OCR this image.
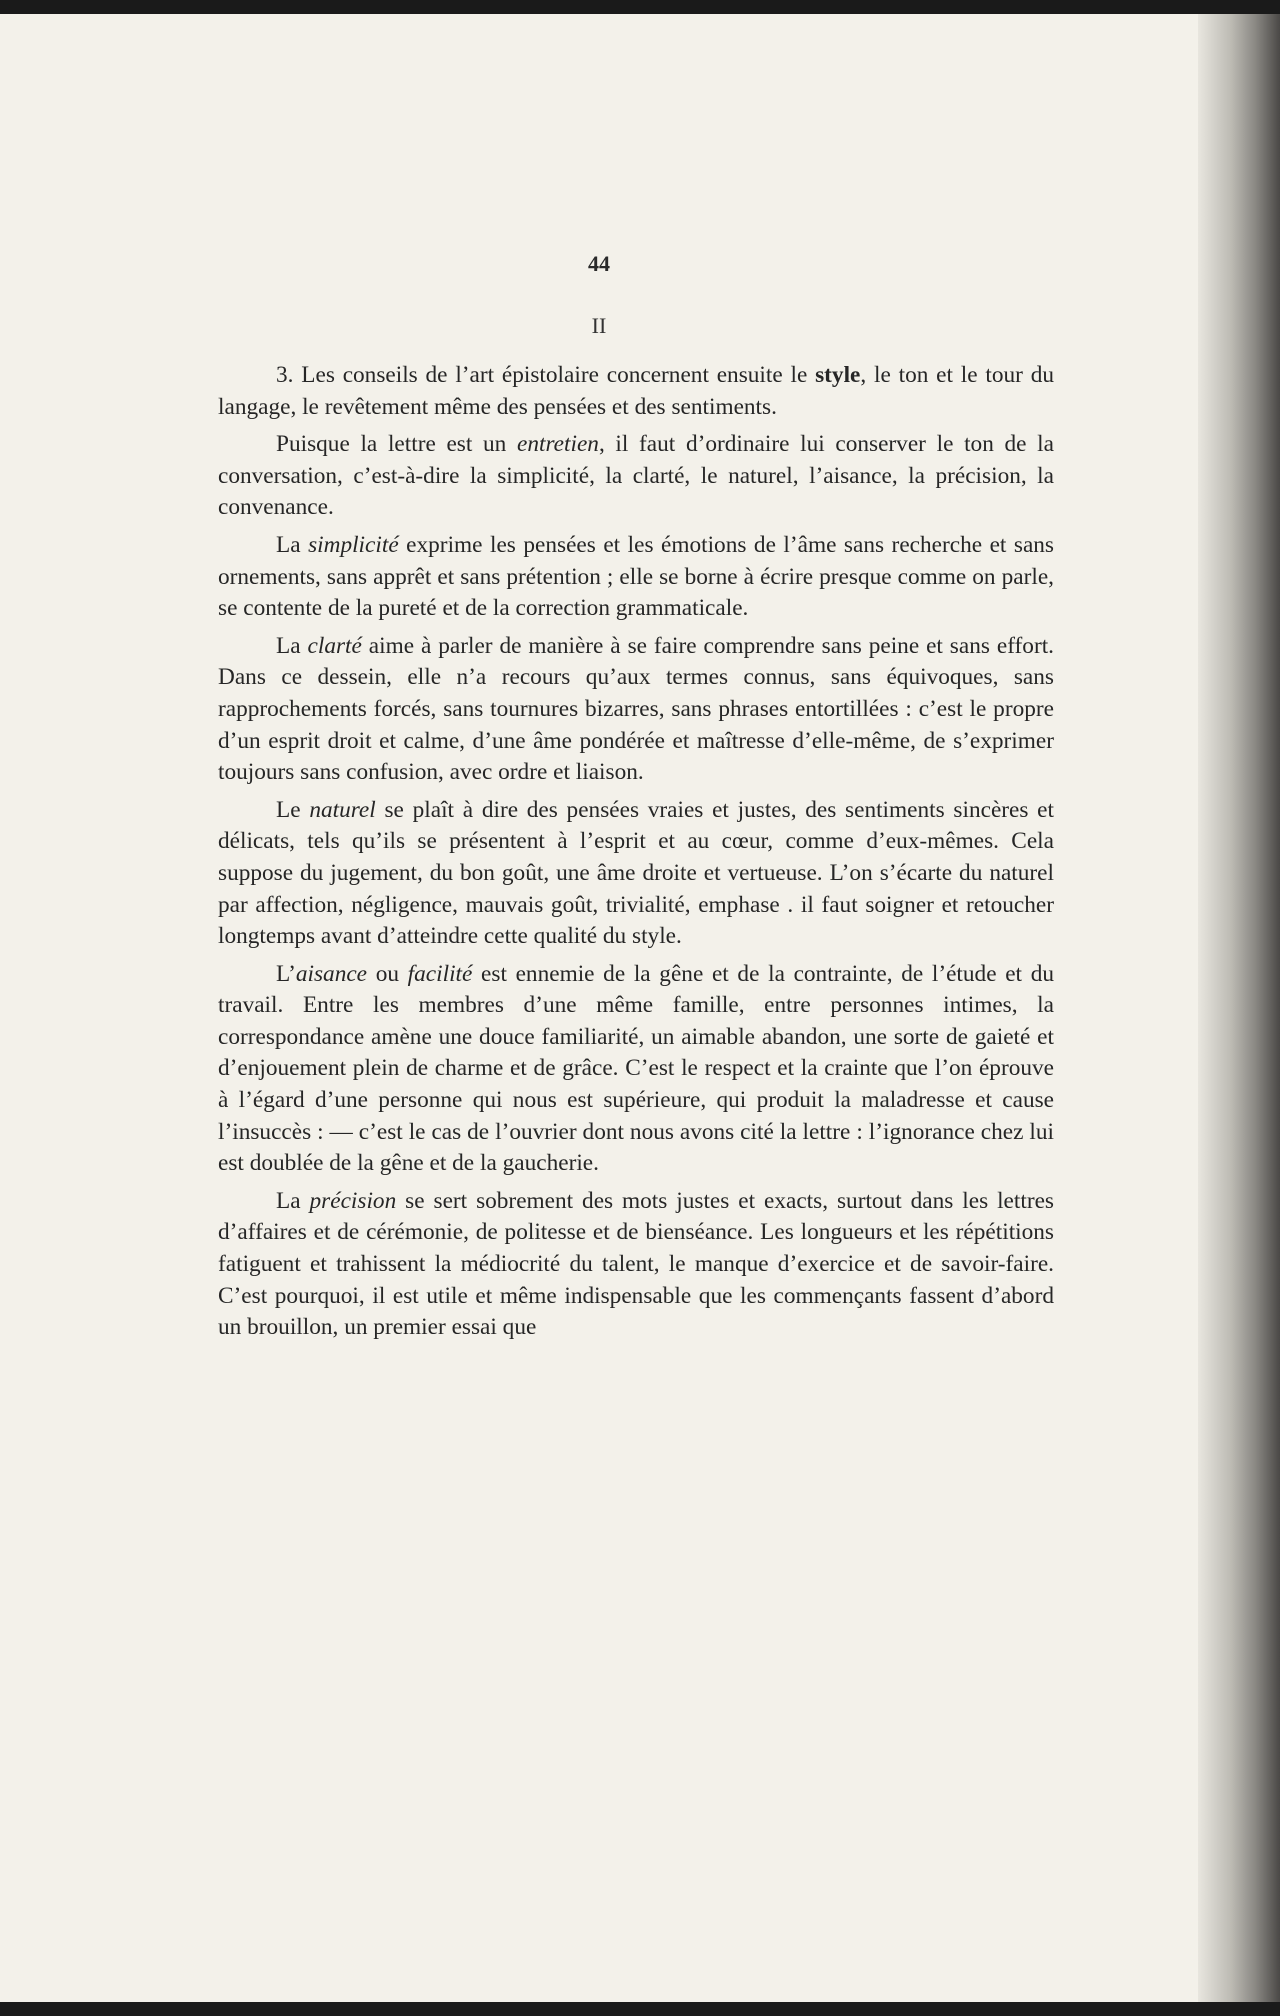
44
II

3. Les conseils de l’art épistolaire concernent ensuite le style, le ton et le tour du langage, le revêtement même des pensées et des sentiments.

Puisque la lettre est un entretien, il faut d’ordinaire lui conserver le ton de la conversation, c’est-à-dire la simplicité, la clarté, le naturel, l’aisance, la précision, la convenance.

La simplicité exprime les pensées et les émotions de l’âme sans recherche et sans ornements, sans apprêt et sans prétention ; elle se borne à écrire presque comme on parle, se contente de la pureté et de la correction grammaticale.

La clarté aime à parler de manière à se faire comprendre sans peine et sans effort. Dans ce dessein, elle n’a recours qu’aux termes connus, sans équivoques, sans rapprochements forcés, sans tournures bizarres, sans phrases entortillées : c’est le propre d’un esprit droit et calme, d’une âme pondérée et maîtresse d’elle-même, de s’exprimer toujours sans confusion, avec ordre et liaison.

Le naturel se plaît à dire des pensées vraies et justes, des sentiments sincères et délicats, tels qu’ils se présentent à l’esprit et au cœur, comme d’eux-mêmes. Cela suppose du jugement, du bon goût, une âme droite et vertueuse. L’on s’écarte du naturel par affection, négligence, mauvais goût, trivialité, emphase . il faut soigner et retoucher longtemps avant d’atteindre cette qualité du style.

L’aisance ou facilité est ennemie de la gêne et de la contrainte, de l’étude et du travail. Entre les membres d’une même famille, entre personnes intimes, la correspondance amène une douce familiarité, un aimable abandon, une sorte de gaieté et d’enjouement plein de charme et de grâce. C’est le respect et la crainte que l’on éprouve à l’égard d’une personne qui nous est supérieure, qui produit la maladresse et cause l’insuccès : — c’est le cas de l’ouvrier dont nous avons cité la lettre : l’ignorance chez lui est doublée de la gêne et de la gaucherie.

La précision se sert sobrement des mots justes et exacts, surtout dans les lettres d’affaires et de cérémonie, de politesse et de bienséance. Les longueurs et les répétitions fatiguent et trahissent la médiocrité du talent, le manque d’exercice et de savoir-faire. C’est pourquoi, il est utile et même indispensable que les commençants fassent d’abord un brouillon, un premier essai que
